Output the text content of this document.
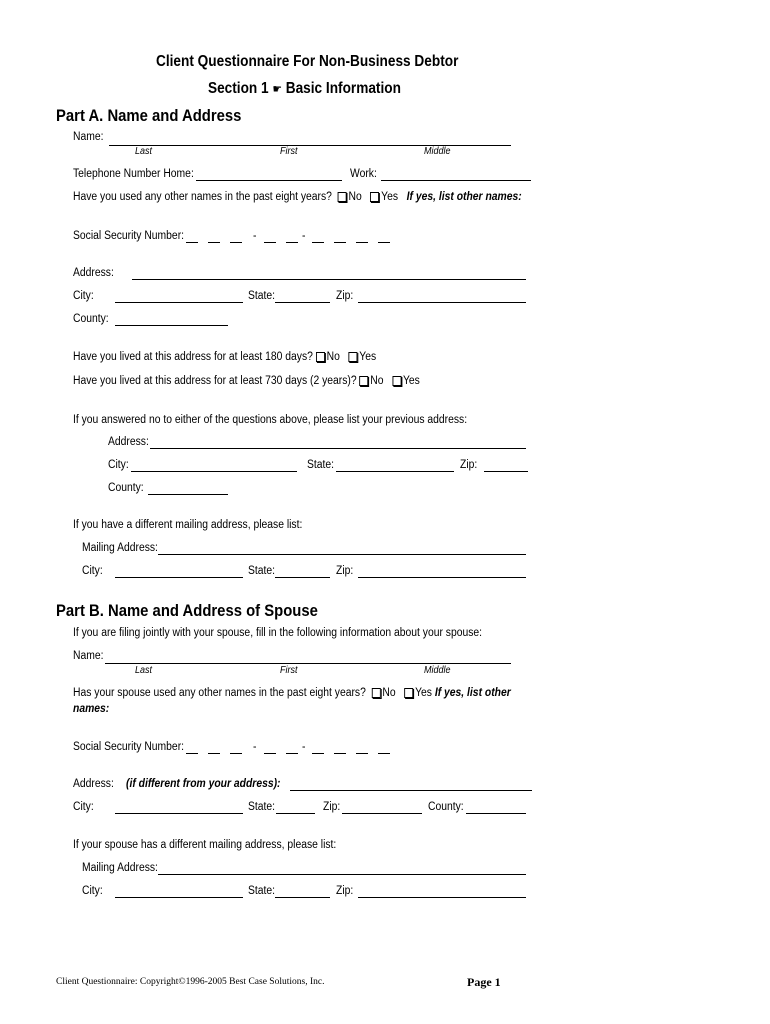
Client Questionnaire For Non-Business Debtor
Section 1 ☛ Basic Information
Part A. Name and Address
Name:
Last	First	Middle
Telephone Number Home:	Work:
Have you used any other names in the past eight years? No Yes If yes, list other names:
Social Security Number:	-	-
Address:
City:	State:	Zip:
County:
Have you lived at this address for at least 180 days? No Yes
Have you lived at this address for at least 730 days (2 years)? No Yes
If you answered no to either of the questions above, please list your previous address:
Address:
City:	State:	Zip:
County:
If you have a different mailing address, please list:
Mailing Address:
City:	State:	Zip:
Part B. Name and Address of Spouse
If you are filing jointly with your spouse, fill in the following information about your spouse:
Name:
Last	First	Middle
Has your spouse used any other names in the past eight years? No Yes If yes, list other
names:
Social Security Number:	-	-
Address: (if different from your address):
City:	State:	Zip:	County:
If your spouse has a different mailing address, please list:
Mailing Address:
City:	State:	Zip:
Client Questionnaire: Copyright©1996-2005 Best Case Solutions, Inc.	Page 1
